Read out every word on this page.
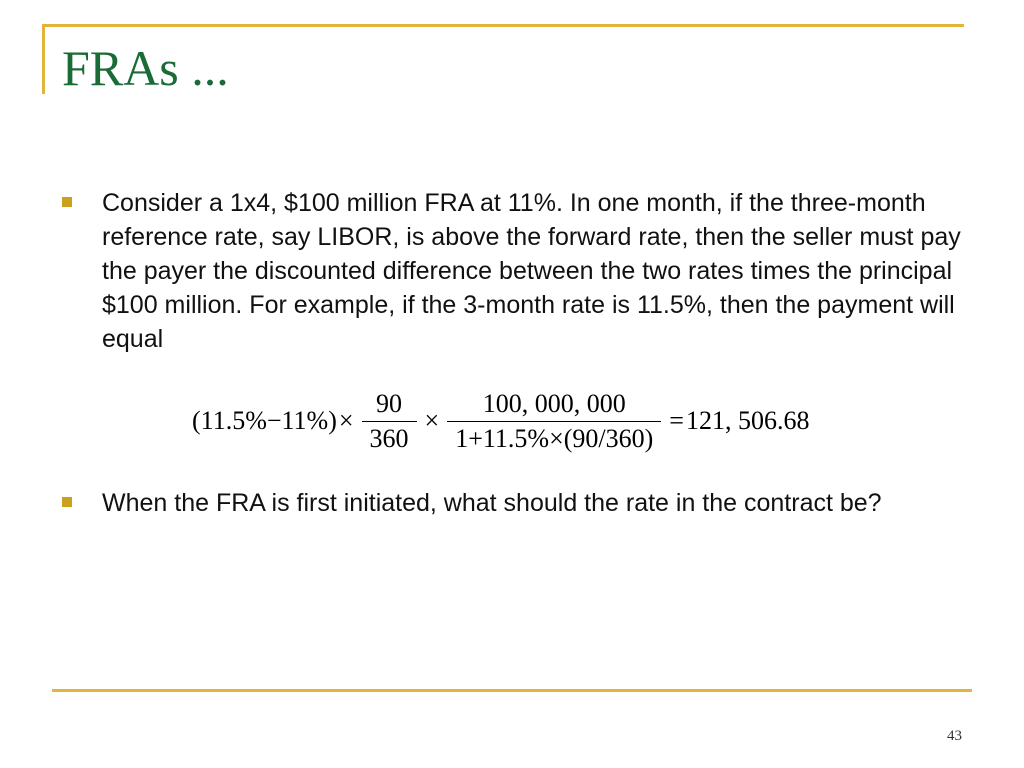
FRAs ...
Consider a 1x4, $100 million FRA at 11%. In one month, if the three-month reference rate, say LIBOR, is above the forward rate, then the seller must pay the payer the discounted difference between the two rates times the principal $100 million. For example, if the 3-month rate is 11.5%, then the payment will equal
$(11.5\%-11\%) \times \frac{90}{360} \times \frac{100, 000, 000}{1+11.5\%\times(90/360)} = 121$, 506.68
When the FRA is first initiated, what should the rate in the contract be?
43
